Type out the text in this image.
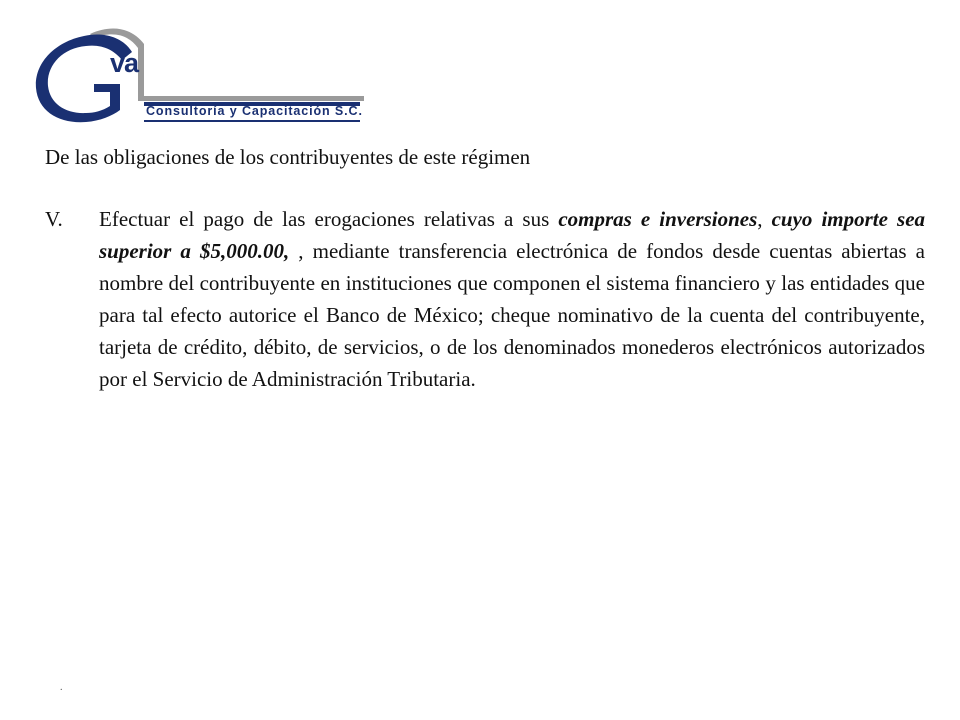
va
Consultoría y Capacitación S.C.
De las obligaciones de los contribuyentes de este régimen
V. Efectuar el pago de las erogaciones relativas a sus compras e inversiones, cuyo importe sea superior a $5,000.00, , mediante transferencia electrónica de fondos desde cuentas abiertas a nombre del contribuyente en instituciones que componen el sistema financiero y las entidades que para tal efecto autorice el Banco de México; cheque nominativo de la cuenta del contribuyente, tarjeta de crédito, débito, de servicios, o de los denominados monederos electrónicos autorizados por el Servicio de Administración Tributaria.
.
